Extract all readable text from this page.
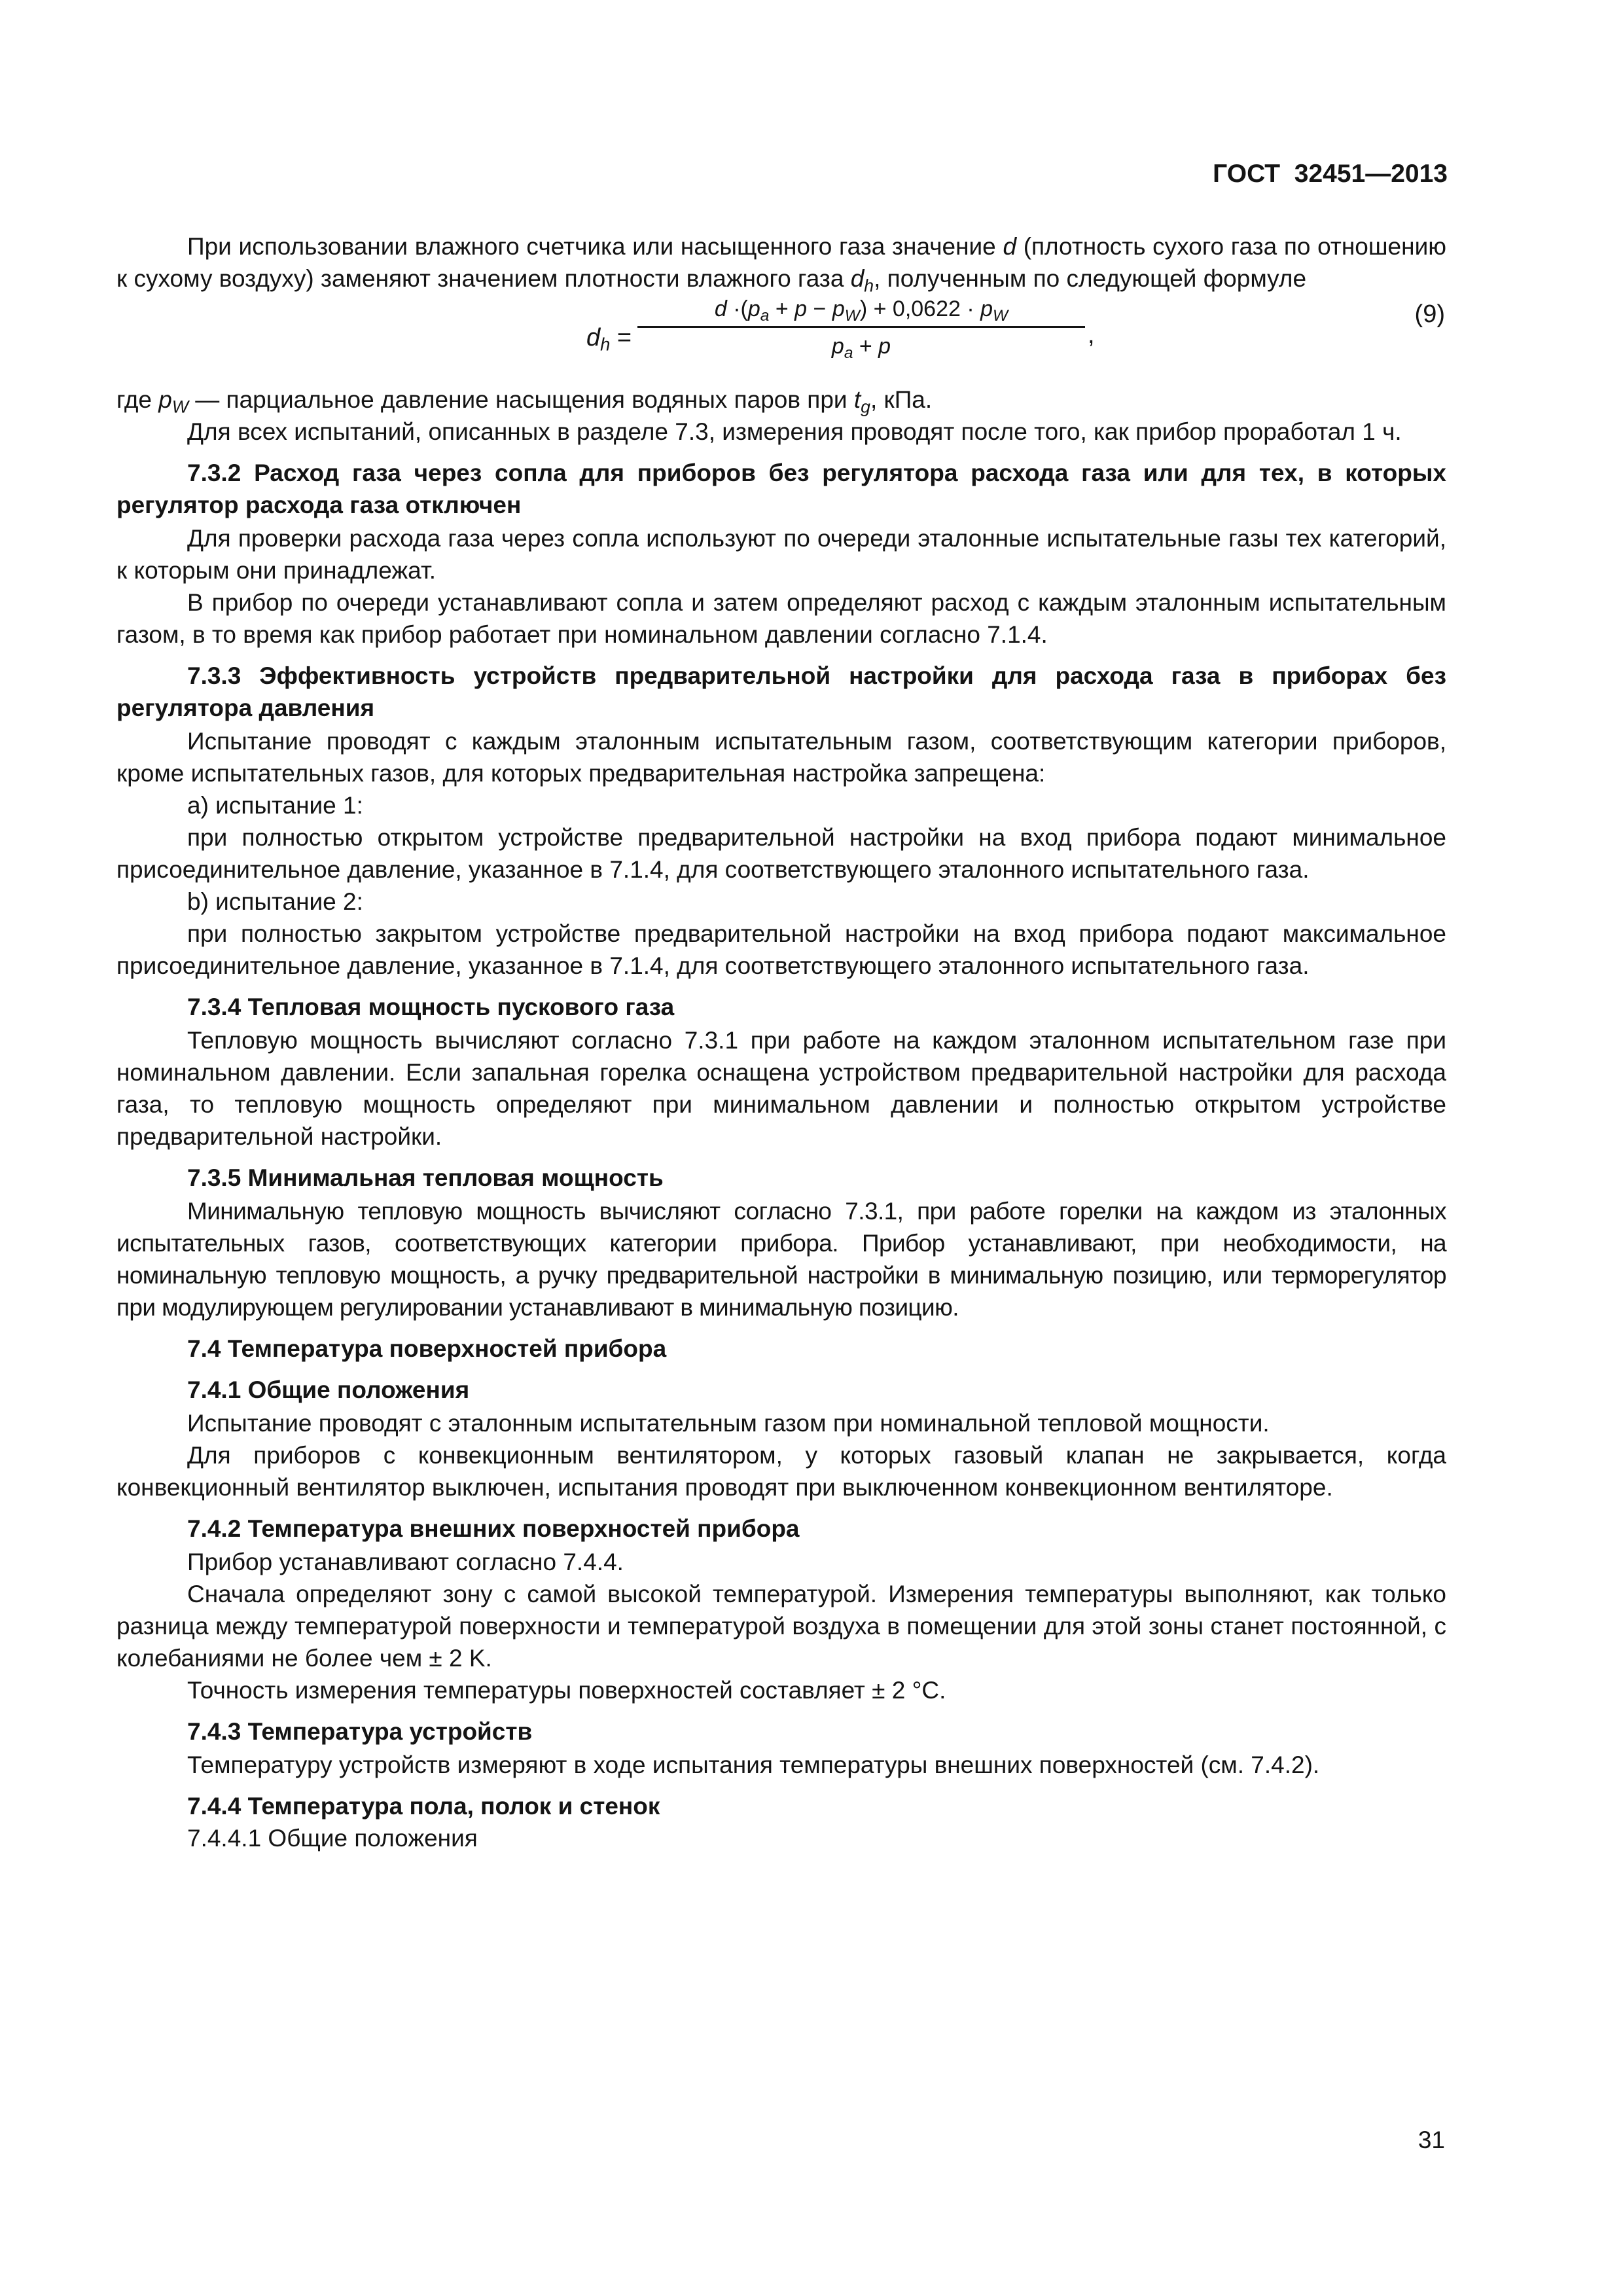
ГОСТ  32451—2013

При использовании влажного счетчика или насыщенного газа значение d (плотность сухого газа по отношению к сухому воздуху) заменяют значением плотности влажного газа $d_h$, полученным по следующей формуле

$d_h$ =
$d \cdot(p_a + p - p_W) + 0,0622 \cdot p_W$
$p_a + p$	,
(9)

где $p_W$ — парциальное давление насыщения водяных паров при $t_g$, кПа.

Для всех испытаний, описанных в разделе 7.3, измерения проводят после того, как прибор проработал 1 ч.

7.3.2 Расход газа через сопла для приборов без регулятора расхода газа или для тех, в которых регулятор расхода газа отключен

Для проверки расхода газа через сопла используют по очереди эталонные испытательные газы тех категорий, к которым они принадлежат.

В прибор по очереди устанавливают сопла и затем определяют расход с каждым эталонным испытательным газом, в то время как прибор работает при номинальном давлении согласно 7.1.4.

7.3.3 Эффективность устройств предварительной настройки для расхода газа в приборах без регулятора давления

Испытание проводят с каждым эталонным испытательным газом, соответствующим категории приборов, кроме испытательных газов, для которых предварительная настройка запрещена:

а) испытание 1:

при полностью открытом устройстве предварительной настройки на вход прибора подают минимальное присоединительное давление, указанное в 7.1.4, для соответствующего эталонного испытательного газа.

b) испытание 2:

при полностью закрытом устройстве предварительной настройки на вход прибора подают максимальное присоединительное давление, указанное в 7.1.4, для соответствующего эталонного испытательного газа.

7.3.4 Тепловая мощность пускового газа

Тепловую мощность вычисляют согласно 7.3.1 при работе на каждом эталонном испытательном газе при номинальном давлении. Если запальная горелка оснащена устройством предварительной настройки для расхода газа, то тепловую мощность определяют при минимальном давлении и полностью открытом устройстве предварительной настройки.

7.3.5 Минимальная тепловая мощность

Минимальную тепловую мощность вычисляют согласно 7.3.1, при работе горелки на каждом из эталонных испытательных газов, соответствующих категории прибора. Прибор устанавливают, при необходимости, на номинальную тепловую мощность, а ручку предварительной настройки в минимальную позицию, или терморегулятор при модулирующем регулировании устанавливают в минимальную позицию.

7.4 Температура поверхностей прибора

7.4.1 Общие положения

Испытание проводят с эталонным испытательным газом при номинальной тепловой мощности.

Для приборов с конвекционным вентилятором, у которых газовый клапан не закрывается, когда конвекционный вентилятор выключен, испытания проводят при выключенном конвекционном вентиляторе.

7.4.2 Температура внешних поверхностей прибора

Прибор устанавливают согласно 7.4.4.

Сначала определяют зону с самой высокой температурой. Измерения температуры выполняют, как только разница между температурой поверхности и температурой воздуха в помещении для этой зоны станет постоянной, с колебаниями не более чем ± 2 K.

Точность измерения температуры поверхностей составляет ± 2 °C.

7.4.3 Температура устройств

Температуру устройств измеряют в ходе испытания температуры внешних поверхностей (см. 7.4.2).

7.4.4 Температура пола, полок и стенок

7.4.4.1 Общие положения

31
